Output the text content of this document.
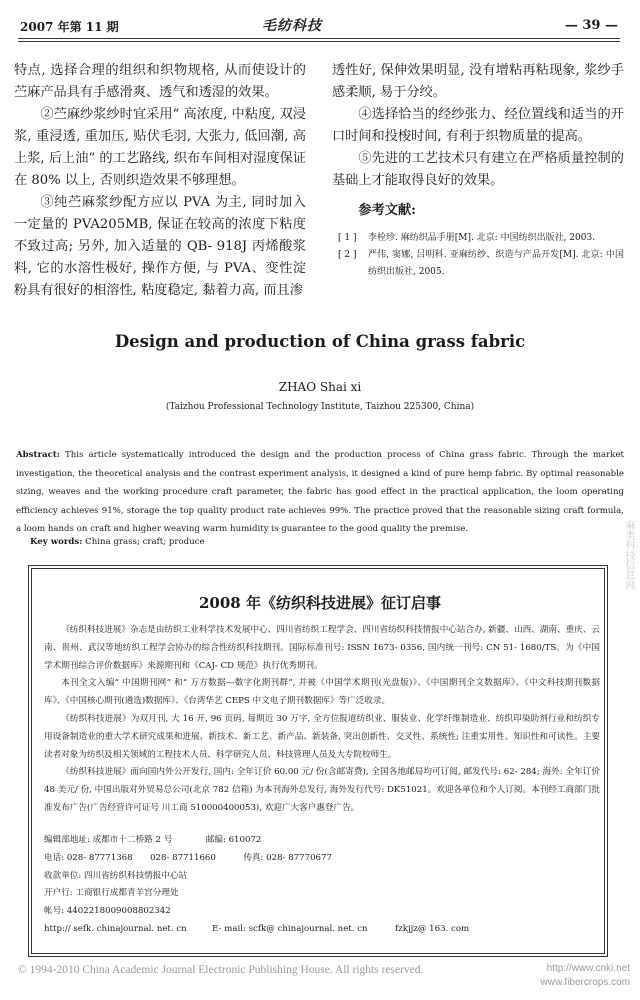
2007 年第 11 期	毛纺科技	— 39 —

特点, 选择合理的组织和织物规格, 从而使设计的苎麻产品具有手感滑爽、透气和透湿的效果。

②苎麻纱浆纱时宜采用“ 高浓度, 中粘度, 双浸浆, 重浸透, 重加压, 贴伏毛羽, 大张力, 低回潮, 高上浆, 后上油” 的工艺路线, 织布车间相对湿度保证在 80% 以上, 否则织造效果不够理想。

③纯苎麻浆纱配方应以 PVA 为主, 同时加入一定量的 PVA205MB, 保证在较高的浓度下粘度不致过高; 另外, 加入适量的 QB- 918J 丙烯酸浆料, 它的水溶性极好, 操作方便, 与 PVA、变性淀粉具有很好的相溶性, 粘度稳定, 黏着力高, 而且渗

透性好, 保伸效果明显, 没有增粘再粘现象, 浆纱手感柔顺, 易于分绞。

④选择恰当的经纱张力、经位置线和适当的开口时间和投梭时间, 有利于织物质量的提高。

⑤先进的工艺技术只有建立在严格质量控制的基础上才能取得良好的效果。

参考文献:

[ 1 ]	李栓珍. 麻纺织品手册[M]. 北京: 中国纺织出版社, 2003.
[ 2 ]	严伟, 窦娜, 吕明科. 亚麻纺纱、织造与产品开发[M]. 北京: 中国纺织出版社, 2005.
Design and production of China grass fabric
ZHAO Shai xi
(Taizhou Professional Technology Institute, Taizhou 225300, China)
Abstract: This article systematically introduced the design and the production process of China grass fabric. Through the market investigation, the theoretical analysis and the contrast experiment analysis, it designed a kind of pure hemp fabric. By optimal reasonable sizing, weaves and the working procedure craft parameter, the fabric has good effect in the practical application, the loom operating efficiency achieves 91%, storage the top quality product rate achieves 99%. The practice proved that the reasonable sizing craft formula, a loom hands on craft and higher weaving warm humidity is guarantee to the good quality the premise.
Key words: China grass; craft; produce
2008 年《纺织科技进展》征订启事

《纺织科技进展》杂志是由纺织工业科学技术发展中心、四川省纺织工程学会、四川省纺织科技情报中心站合办, 新疆、山西、湖南、重庆、云南、贵州、武汉等地纺织工程学会协办的综合性纺织科技期刊。国际标准刊号: ISSN 1673- 0356, 国内统一刊号: CN 51- 1680/TS。为《中国学术期刊综合评价数据库》来源期刊和《CAJ- CD 规范》执行优秀期刊。

本刊全文入编“ 中国期刊网” 和“ 万方数据—数字化期刊群”, 并被《中国学术期刊(光盘版)》、《中国期刊全文数据库》、《中文科技期刊数据库》、《中国核心期刊(遴选)数据库》、《台湾华艺 CEPS 中文电子期刊数据库》等广泛收录。

《纺织科技进展》为双月刊, 大 16 开, 96 页码, 每期近 30 万字, 全方位报道纺织业、服装业、化学纤维制造业、纺织印染助剂行业和纺织专用设备制造业的重大学术研究成果和进展、新技术、新工艺、新产品、新装备, 突出创新性、交叉性、系统性; 注重实用性、知识性和可读性。主要读者对象为纺织及相关领域的工程技术人员、科学研究人员、科技管理人员及大专院校师生。

《纺织科技进展》面向国内外公开发行, 国内: 全年订价 60.00 元/ 份(含邮寄费), 全国各地邮局均可订阅, 邮发代号: 62- 284; 海外: 全年订价 48 美元/ 份, 中国出版对外贸易总公司(北京 782 信箱) 为本刊海外总发行, 海外发行代号: DK51021。欢迎各单位和个人订阅。本刊经工商部门批准发布广告(广告经营许可证号 川工商 510000400053), 欢迎广大客户惠登广告。

编辑部地址: 成都市十二桥路 2 号	邮编: 610072
电话: 028- 87771368 028- 87711660	传真: 028- 87770677
收款单位: 四川省纺织科技情报中心站
开户行: 工商银行成都青羊宫分理处
帐号: 4402218009008802342
http:// sefk. chinajournal. net. cn	E- mail: scfk@ chinajournal. net. cn	fzkjjz@ 163. com
© 1994-2010 China Academic Journal Electronic Publishing House. All rights reserved.	http://www.cnki.net
www.fibercrops.com
麻类科技信息网
